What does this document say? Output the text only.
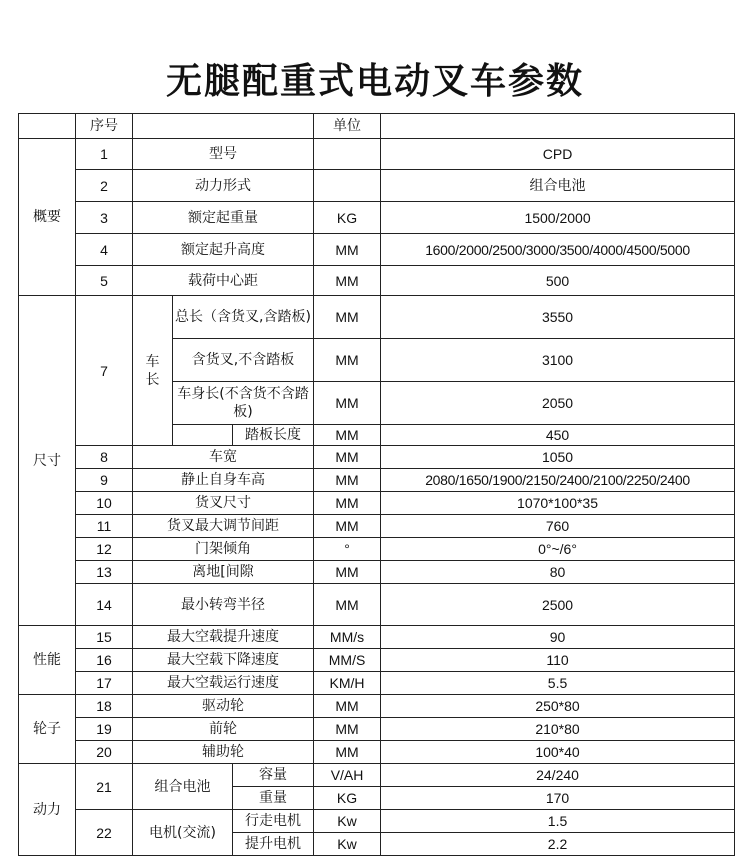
无腿配重式电动叉车参数
	序号				单位	
概要	1	型号				CPD
	2	动力形式				组合电池
	3	额定起重量			KG	1500/2000
	4	额定起升高度			MM	1600/2000/2500/3000/3500/4000/4500/5000
	5	载荷中心距			MM	500
尺寸	7	车长	总长（含货叉,含踏板)		MM	3550
			含货叉,不含踏板		MM	3100
			车身长(不含货不含踏板)		MM	2050
				踏板长度	MM	450
	8	车宽			MM	1050
	9	静止自身车高			MM	2080/1650/1900/2150/2400/2100/2250/2400
	10	货叉尺寸			MM	1070*100*35
	11	货叉最大调节间距			MM	760
	12	门架倾角			°	0°~/6°
	13	离地[间隙			MM	80
	14	最小转弯半径			MM	2500
性能	15	最大空载提升速度			MM/s	90
	16	最大空载下降速度			MM/S	110
	17	最大空载运行速度			KM/H	5.5
轮子	18	驱动轮			MM	250*80
	19	前轮			MM	210*80
	20	辅助轮			MM	100*40
动力	21	组合电池		容量	V/AH	24/240
				重量	KG	170
	22	电机(交流)		行走电机	Kw	1.5
				提升电机	Kw	2.2
